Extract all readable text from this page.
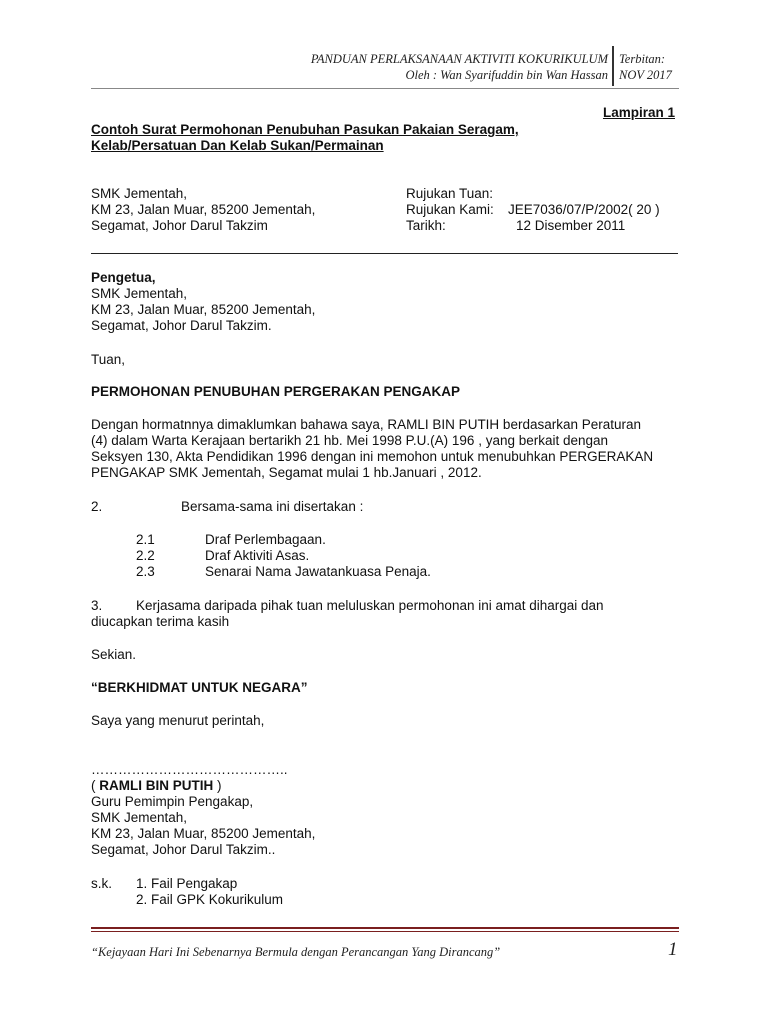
PANDUAN PERLAKSANAAN AKTIVITI KOKURIKULUM
Oleh : Wan Syarifuddin bin Wan Hassan
Terbitan:
NOV 2017
Lampiran 1
Contoh Surat Permohonan Penubuhan Pasukan Pakaian Seragam,
Kelab/Persatuan Dan Kelab Sukan/Permainan
SMK Jementah,
KM 23, Jalan Muar, 85200 Jementah,
Segamat, Johor Darul Takzim
Rujukan Tuan:
Rujukan Kami:
Tarikh:
JEE7036/07/P/2002( 20 )
12 Disember 2011
Pengetua,
SMK Jementah,
KM 23, Jalan Muar, 85200 Jementah,
Segamat, Johor Darul Takzim.
Tuan,
PERMOHONAN PENUBUHAN PERGERAKAN PENGAKAP
Dengan hormatnnya dimaklumkan bahawa saya, RAMLI BIN PUTIH berdasarkan Peraturan
(4) dalam Warta Kerajaan bertarikh 21 hb. Mei 1998 P.U.(A) 196 , yang berkait dengan
Seksyen 130, Akta Pendidikan 1996 dengan ini memohon untuk menubuhkan PERGERAKAN
PENGAKAP SMK Jementah, Segamat mulai 1 hb.Januari , 2012.
2.	Bersama-sama ini disertakan :
2.1
2.2
2.3
Draf Perlembagaan.
Draf Aktiviti Asas.
Senarai Nama Jawatankuasa Penaja.
3. Kerjasama daripada pihak tuan meluluskan permohonan ini amat dihargai dan
diucapkan terima kasih
Sekian.
“BERKHIDMAT UNTUK NEGARA”
Saya yang menurut perintah,
……………………………………..
( RAMLI BIN PUTIH )
Guru Pemimpin Pengakap,
SMK Jementah,
KM 23, Jalan Muar, 85200 Jementah,
Segamat, Johor Darul Takzim..
s.k. 1. Fail Pengakap
2. Fail GPK Kokurikulum
“Kejayaan Hari Ini Sebenarnya Bermula dengan Perancangan Yang Dirancang”	1
